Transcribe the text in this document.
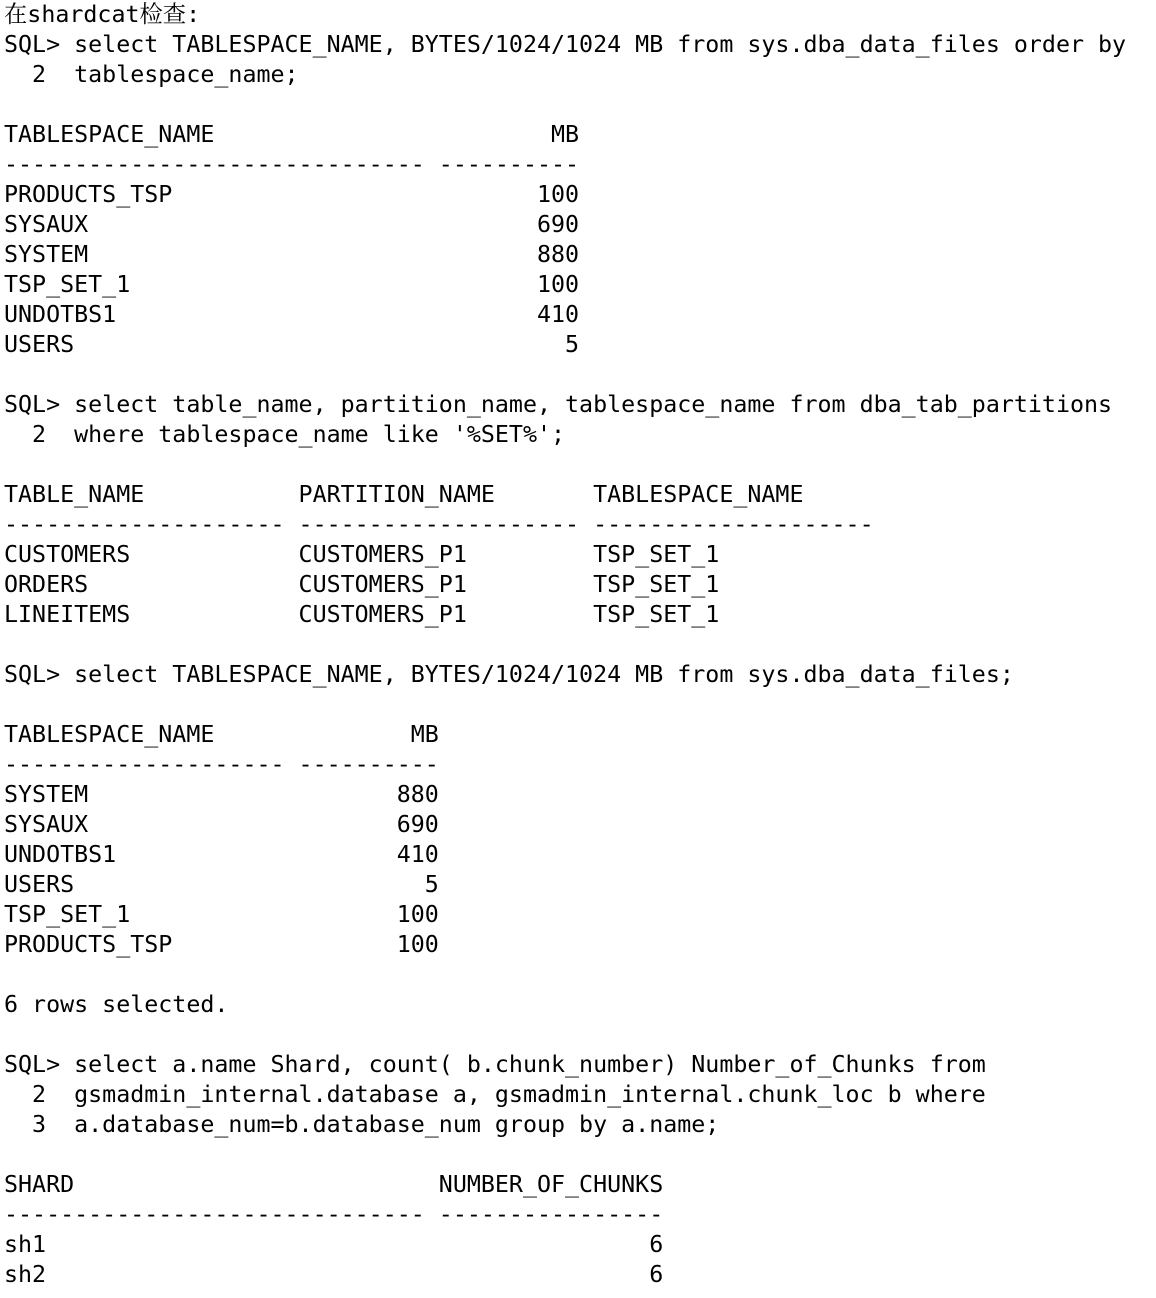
在shardcat检查:
SQL> select TABLESPACE_NAME, BYTES/1024/1024 MB from sys.dba_data_files order by
2  tablespace_name;

TABLESPACE_NAME                        MB
------------------------------ ----------
PRODUCTS_TSP                          100
SYSAUX                                690
SYSTEM                                880
TSP_SET_1                             100
UNDOTBS1                              410
USERS                                   5

SQL> select table_name, partition_name, tablespace_name from dba_tab_partitions
2  where tablespace_name like '%SET%';

TABLE_NAME           PARTITION_NAME       TABLESPACE_NAME
-------------------- -------------------- --------------------
CUSTOMERS            CUSTOMERS_P1         TSP_SET_1
ORDERS               CUSTOMERS_P1         TSP_SET_1
LINEITEMS            CUSTOMERS_P1         TSP_SET_1

SQL> select TABLESPACE_NAME, BYTES/1024/1024 MB from sys.dba_data_files;

TABLESPACE_NAME              MB
-------------------- ----------
SYSTEM                      880
SYSAUX                      690
UNDOTBS1                    410
USERS                         5
TSP_SET_1                   100
PRODUCTS_TSP                100

6 rows selected.

SQL> select a.name Shard, count( b.chunk_number) Number_of_Chunks from
2  gsmadmin_internal.database a, gsmadmin_internal.chunk_loc b where
3  a.database_num=b.database_num group by a.name;

SHARD                          NUMBER_OF_CHUNKS
------------------------------ ----------------
sh1                                           6
sh2                                           6
